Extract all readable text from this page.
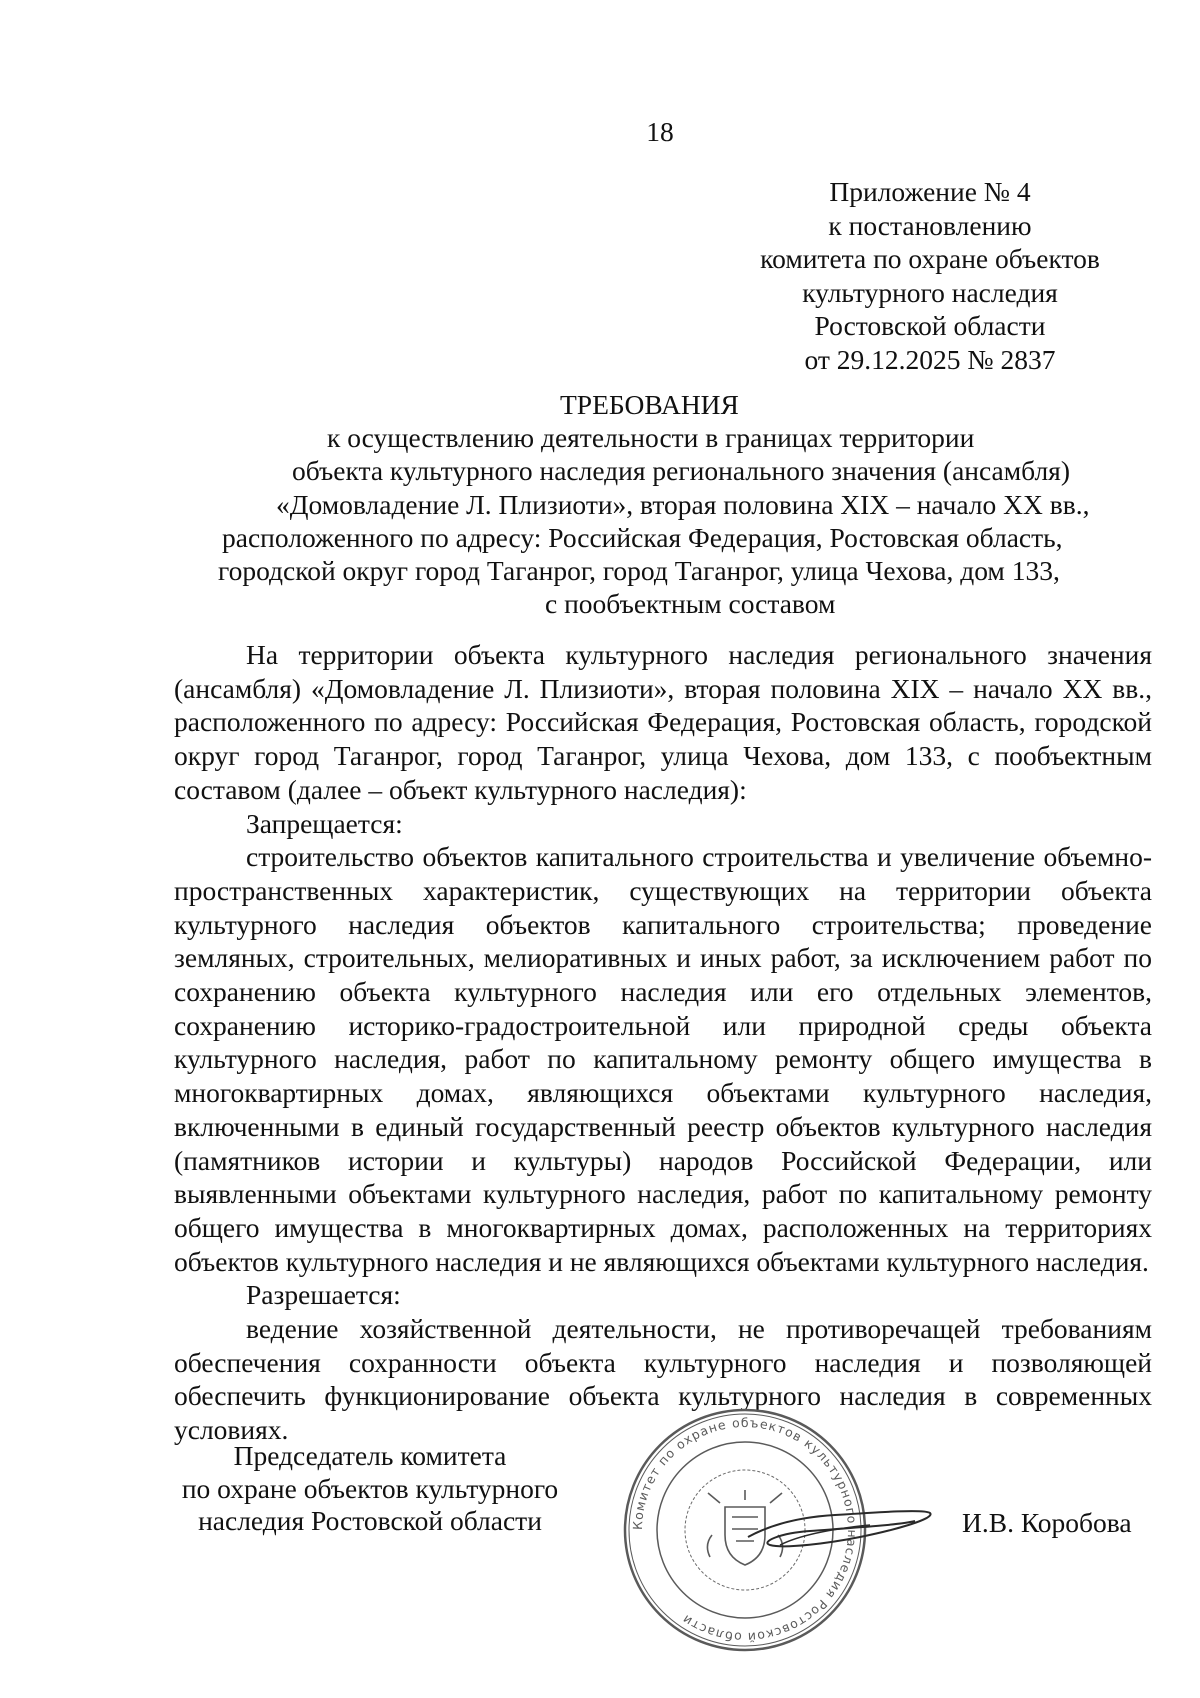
18
Приложение № 4
к постановлению
комитета по охране объектов
культурного наследия
Ростовской области
от 29.12.2025 № 2837
ТРЕБОВАНИЯ
к осуществлению деятельности в границах территории
объекта культурного наследия регионального значения (ансамбля)
«Домовладение Л. Плизиоти», вторая половина XIX – начало XX вв.,
расположенного по адресу: Российская Федерация, Ростовская область,
городской округ город Таганрог, город Таганрог, улица Чехова, дом 133,
с пообъектным составом

На территории объекта культурного наследия регионального значения (ансамбля) «Домовладение Л. Плизиоти», вторая половина XIX – начало XX вв., расположенного по адресу: Российская Федерация, Ростовская область, городской округ город Таганрог, город Таганрог, улица Чехова, дом 133, с пообъектным составом (далее – объект культурного наследия):

Запрещается:

строительство объектов капитального строительства и увеличение объемно-пространственных характеристик, существующих на территории объекта культурного наследия объектов капитального строительства; проведение земляных, строительных, мелиоративных и иных работ, за исключением работ по сохранению объекта культурного наследия или его отдельных элементов, сохранению историко-градостроительной или природной среды объекта культурного наследия, работ по капитальному ремонту общего имущества в многоквартирных домах, являющихся объектами культурного наследия, включенными в единый государственный реестр объектов культурного наследия (памятников истории и культуры) народов Российской Федерации, или выявленными объектами культурного наследия, работ по капитальному ремонту общего имущества в многоквартирных домах, расположенных на территориях объектов культурного наследия и не являющихся объектами культурного наследия.

Разрешается:

ведение хозяйственной деятельности, не противоречащей требованиям обеспечения сохранности объекта культурного наследия и позволяющей обеспечить функционирование объекта культурного наследия в современных условиях.

Председатель комитета
по охране объектов культурного
наследия Ростовской области	Комитет по охране объектов культурного наследия Ростовской области
И.В. Коробова
